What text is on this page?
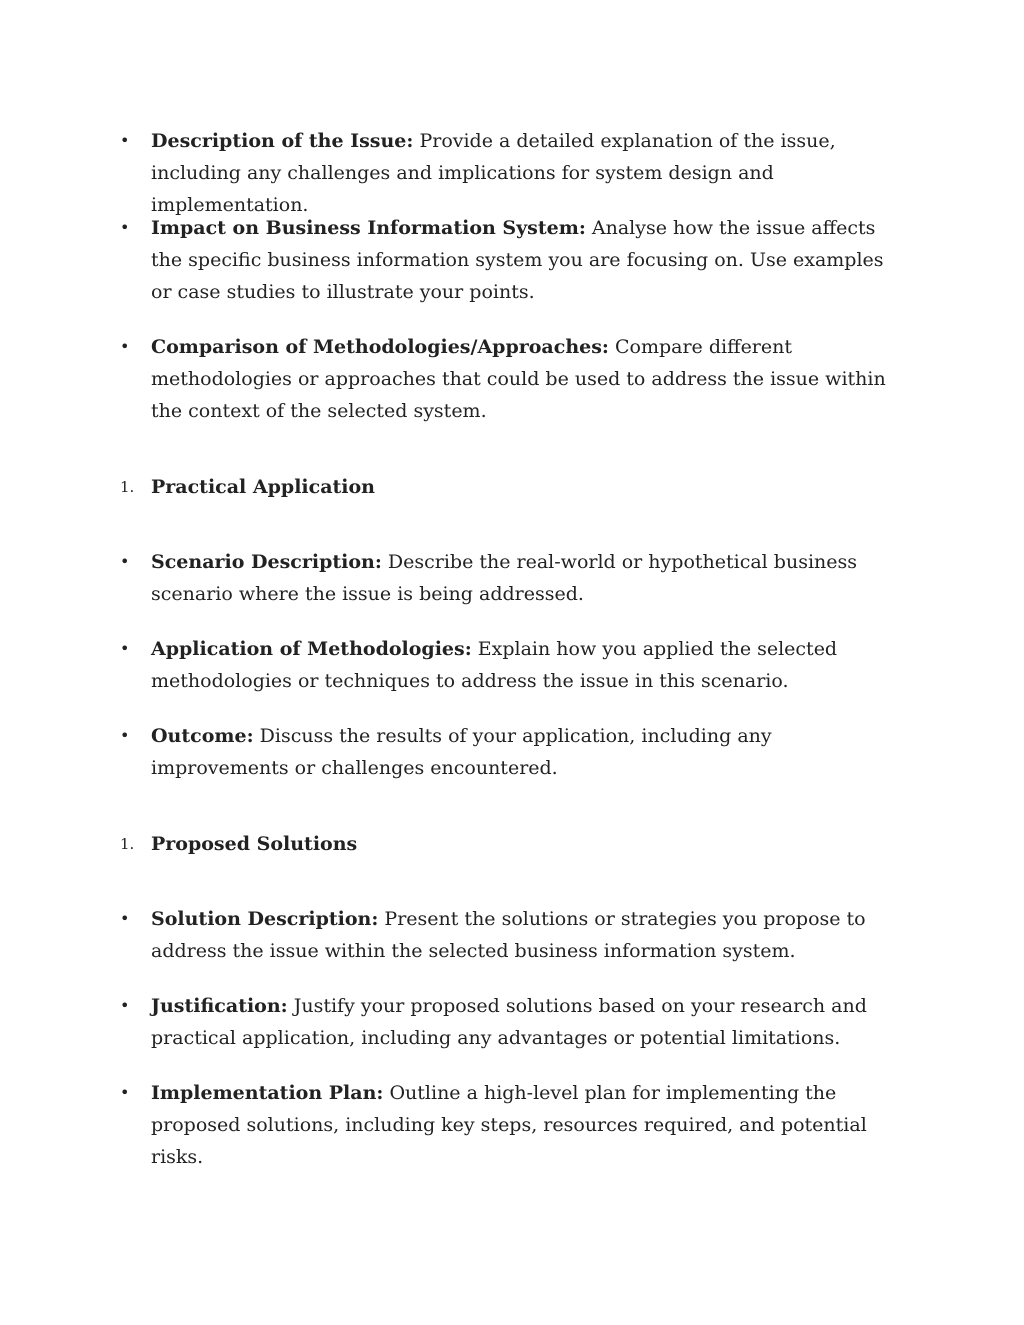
•	Description of the Issue: Provide a detailed explanation of the issue, including any challenges and implications for system design and implementation.

•	Impact on Business Information System: Analyse how the issue affects the specific business information system you are focusing on. Use examples or case studies to illustrate your points.

•	Comparison of Methodologies/Approaches: Compare different methodologies or approaches that could be used to address the issue within the context of the selected system.

1. Practical Application

•	Scenario Description: Describe the real-world or hypothetical business scenario where the issue is being addressed.

•	Application of Methodologies: Explain how you applied the selected methodologies or techniques to address the issue in this scenario.

•	Outcome: Discuss the results of your application, including any improvements or challenges encountered.

1. Proposed Solutions

•	Solution Description: Present the solutions or strategies you propose to address the issue within the selected business information system.

•	Justification: Justify your proposed solutions based on your research and practical application, including any advantages or potential limitations.

•	Implementation Plan: Outline a high-level plan for implementing the proposed solutions, including key steps, resources required, and potential risks.
